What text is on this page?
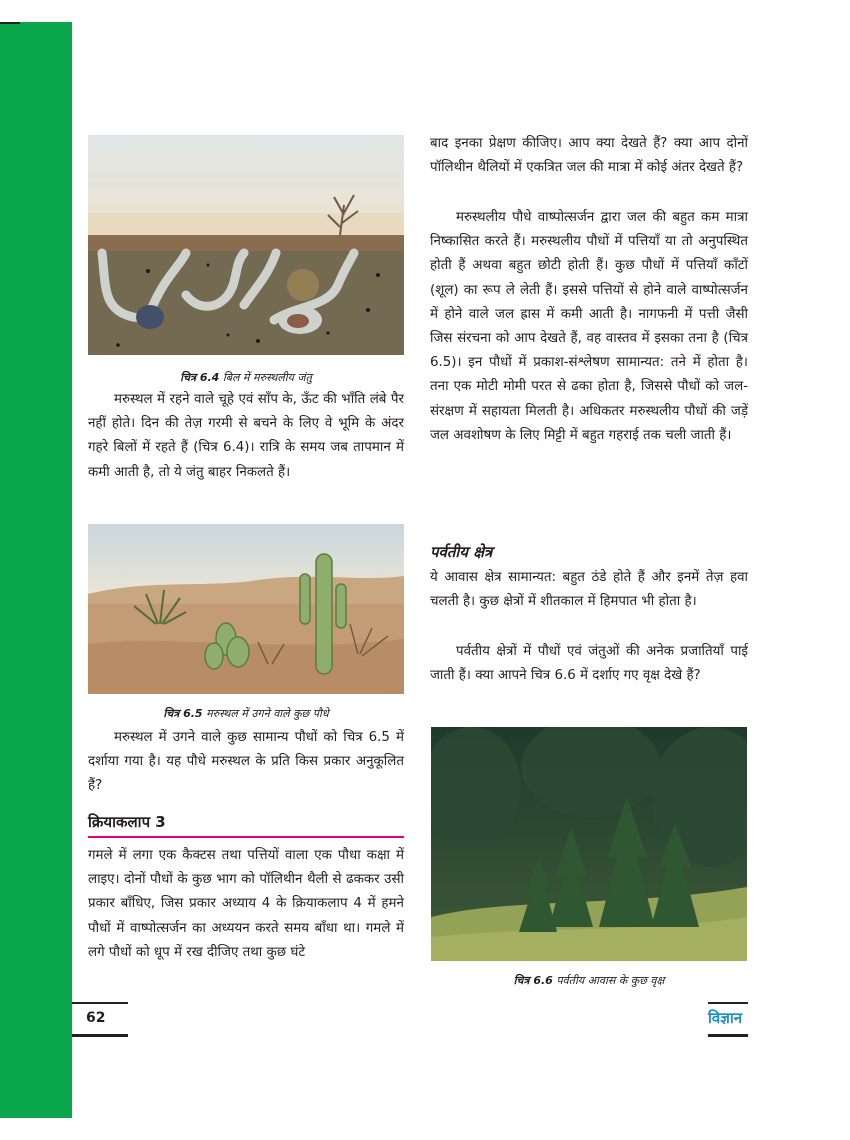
चित्र 6.4 बिल में मरुस्थलीय जंतु
मरुस्थल में रहने वाले चूहे एवं साँप के, ऊँट की भाँति लंबे पैर नहीं होते। दिन की तेज़ गरमी से बचने के लिए वे भूमि के अंदर गहरे बिलों में रहते हैं (चित्र 6.4)। रात्रि के समय जब तापमान में कमी आती है, तो ये जंतु बाहर निकलते हैं।
चित्र 6.5 मरुस्थल में उगने वाले कुछ पौधे
मरुस्थल में उगने वाले कुछ सामान्य पौधों को चित्र 6.5 में दर्शाया गया है। यह पौधे मरुस्थल के प्रति किस प्रकार अनुकूलित हैं?
क्रियाकलाप 3
गमले में लगा एक कैक्टस तथा पत्तियों वाला एक पौधा कक्षा में लाइए। दोनों पौधों के कुछ भाग को पॉलिथीन थैली से ढककर उसी प्रकार बाँधिए, जिस प्रकार अध्याय 4 के क्रियाकलाप 4 में हमने पौधों में वाष्पोत्सर्जन का अध्ययन करते समय बाँधा था। गमले में लगे पौधों को धूप में रख दीजिए तथा कुछ घंटे
बाद इनका प्रेक्षण कीजिए। आप क्या देखते हैं? क्या आप दोनों पॉलिथीन थैलियों में एकत्रित जल की मात्रा में कोई अंतर देखते हैं?
मरुस्थलीय पौधे वाष्पोत्सर्जन द्वारा जल की बहुत कम मात्रा निष्कासित करते हैं। मरुस्थलीय पौधों में पत्तियाँ या तो अनुपस्थित होती हैं अथवा बहुत छोटी होती हैं। कुछ पौधों में पत्तियाँ काँटों (शूल) का रूप ले लेती हैं। इससे पत्तियों से होने वाले वाष्पोत्सर्जन में होने वाले जल ह्रास में कमी आती है। नागफनी में पत्ती जैसी जिस संरचना को आप देखते हैं, वह वास्तव में इसका तना है (चित्र 6.5)। इन पौधों में प्रकाश-संश्लेषण सामान्यत: तने में होता है। तना एक मोटी मोमी परत से ढका होता है, जिससे पौधों को जल-संरक्षण में सहायता मिलती है। अधिकतर मरुस्थलीय पौधों की जड़ें जल अवशोषण के लिए मिट्टी में बहुत गहराई तक चली जाती हैं।
पर्वतीय क्षेत्र
ये आवास क्षेत्र सामान्यत: बहुत ठंडे होते हैं और इनमें तेज़ हवा चलती है। कुछ क्षेत्रों में शीतकाल में हिमपात भी होता है।
पर्वतीय क्षेत्रों में पौधों एवं जंतुओं की अनेक प्रजातियाँ पाई जाती हैं। क्या आपने चित्र 6.6 में दर्शाए गए वृक्ष देखे हैं?
चित्र 6.6 पर्वतीय आवास के कुछ वृक्ष
62	विज्ञान
